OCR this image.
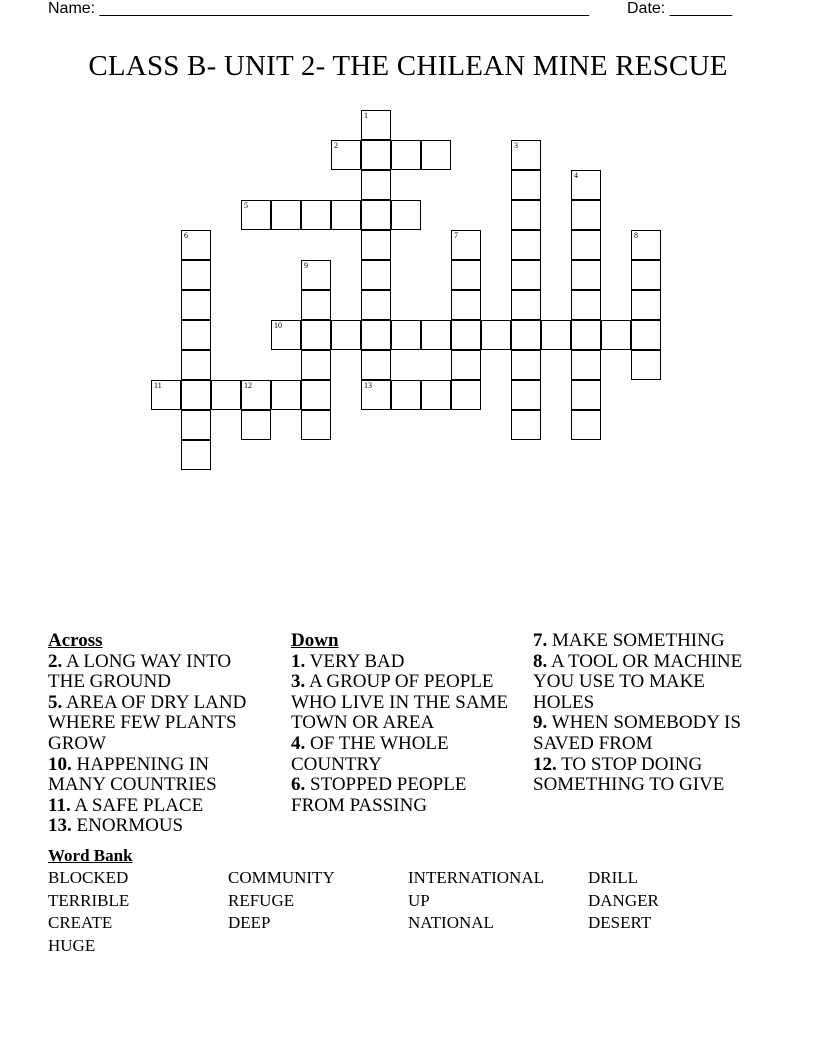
Name: _______________________________________________________ Date: _______
CLASS B- UNIT 2- THE CHILEAN MINE RESCUE
1
2	3
4
5
6	7	8
9
10
11	12	13
Across
2. A LONG WAY INTO THE GROUND
5. AREA OF DRY LAND WHERE FEW PLANTS GROW
10. HAPPENING IN MANY COUNTRIES
11. A SAFE PLACE
13. ENORMOUS
Down
1. VERY BAD
3. A GROUP OF PEOPLE WHO LIVE IN THE SAME TOWN OR AREA
4. OF THE WHOLE COUNTRY
6. STOPPED PEOPLE FROM PASSING
7. MAKE SOMETHING
8. A TOOL OR MACHINE YOU USE TO MAKE HOLES
9. WHEN SOMEBODY IS SAVED FROM
12. TO STOP DOING SOMETHING TO GIVE
Word Bank
BLOCKED	COMMUNITY	INTERNATIONAL	DRILL
TERRIBLE	REFUGE	UP	DANGER
CREATE	DEEP	NATIONAL	DESERT
HUGE
